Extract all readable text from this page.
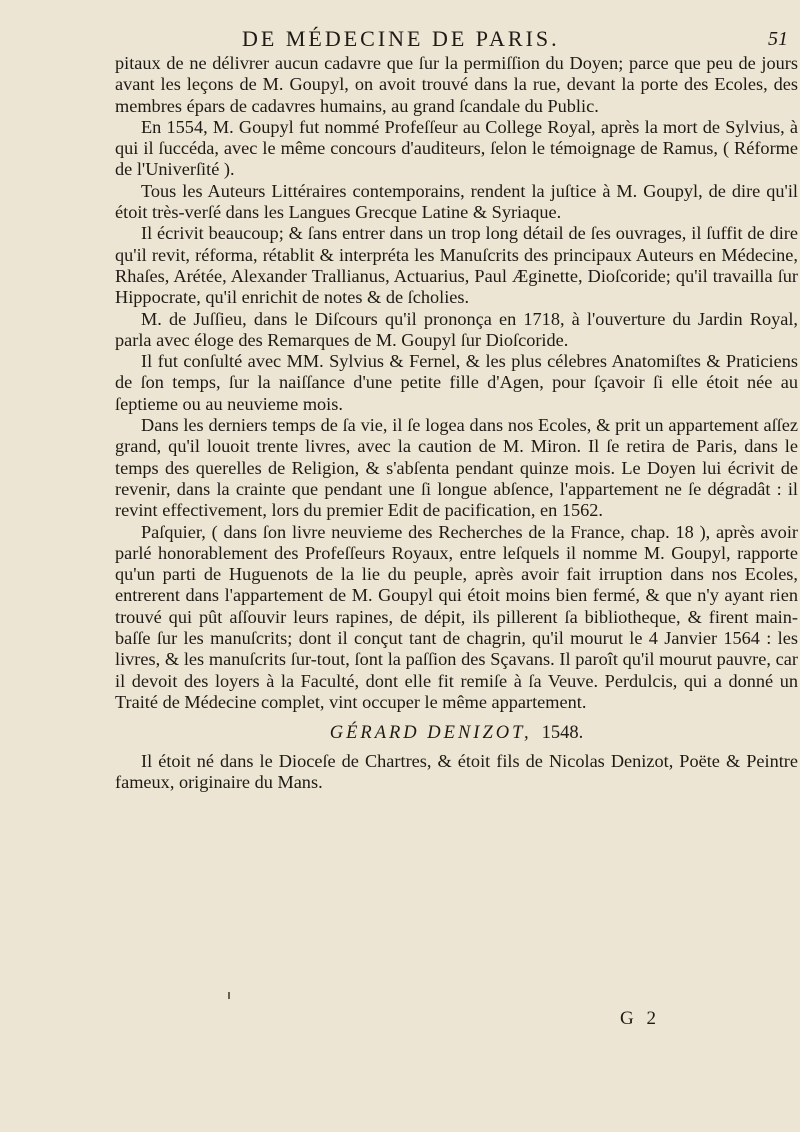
DE MÉDECINE DE PARIS.	51

pitaux de ne délivrer aucun cadavre que ſur la permiſſion du Doyen; parce que peu de jours avant les leçons de M. Goupyl, on avoit trouvé dans la rue, devant la porte des Ecoles, des membres épars de cadavres humains, au grand ſcandale du Public.

En 1554, M. Goupyl fut nommé Profeſſeur au College Royal, après la mort de Sylvius, à qui il ſuccéda, avec le même concours d'auditeurs, ſelon le témoignage de Ramus, ( Réforme de l'Univerſité ).

Tous les Auteurs Littéraires contemporains, rendent la juſtice à M. Goupyl, de dire qu'il étoit très-verſé dans les Langues Grecque Latine & Syriaque.

Il écrivit beaucoup; & ſans entrer dans un trop long détail de ſes ouvrages, il ſuffit de dire qu'il revit, réforma, rétablit & interpréta les Manuſcrits des principaux Auteurs en Médecine, Rhaſes, Arétée, Alexander Trallianus, Actuarius, Paul Æginette, Dioſcoride; qu'il travailla ſur Hippocrate, qu'il enrichit de notes & de ſcholies.

M. de Juſſieu, dans le Diſcours qu'il prononça en 1718, à l'ouverture du Jardin Royal, parla avec éloge des Remarques de M. Goupyl ſur Dioſcoride.

Il fut conſulté avec MM. Sylvius & Fernel, & les plus célebres Anatomiſtes & Praticiens de ſon temps, ſur la naiſſance d'une petite fille d'Agen, pour ſçavoir ſi elle étoit née au ſeptieme ou au neuvieme mois.

Dans les derniers temps de ſa vie, il ſe logea dans nos Ecoles, & prit un appartement aſſez grand, qu'il louoit trente livres, avec la caution de M. Miron. Il ſe retira de Paris, dans le temps des querelles de Religion, & s'abſenta pendant quinze mois. Le Doyen lui écrivit de revenir, dans la crainte que pendant une ſi longue abſence, l'appartement ne ſe dégradât : il revint effectivement, lors du premier Edit de pacification, en 1562.

Paſquier, ( dans ſon livre neuvieme des Recherches de la France, chap. 18 ), après avoir parlé honorablement des Profeſſeurs Royaux, entre leſquels il nomme M. Goupyl, rapporte qu'un parti de Huguenots de la lie du peuple, après avoir fait irruption dans nos Ecoles, entrerent dans l'appartement de M. Goupyl qui étoit moins bien fermé, & que n'y ayant rien trouvé qui pût aſſouvir leurs rapines, de dépit, ils pillerent ſa bibliotheque, & firent main-baſſe ſur les manuſcrits; dont il conçut tant de chagrin, qu'il mourut le 4 Janvier 1564 : les livres, & les manuſcrits ſur-tout, ſont la paſſion des Sçavans. Il paroît qu'il mourut pauvre, car il devoit des loyers à la Faculté, dont elle fit remiſe à ſa Veuve. Perdulcis, qui a donné un Traité de Médecine complet, vint occuper le même appartement.

GÉRARD DENIZOT, 1548.

Il étoit né dans le Dioceſe de Chartres, & étoit fils de Nicolas Denizot, Poëte & Peintre fameux, originaire du Mans.

G 2
